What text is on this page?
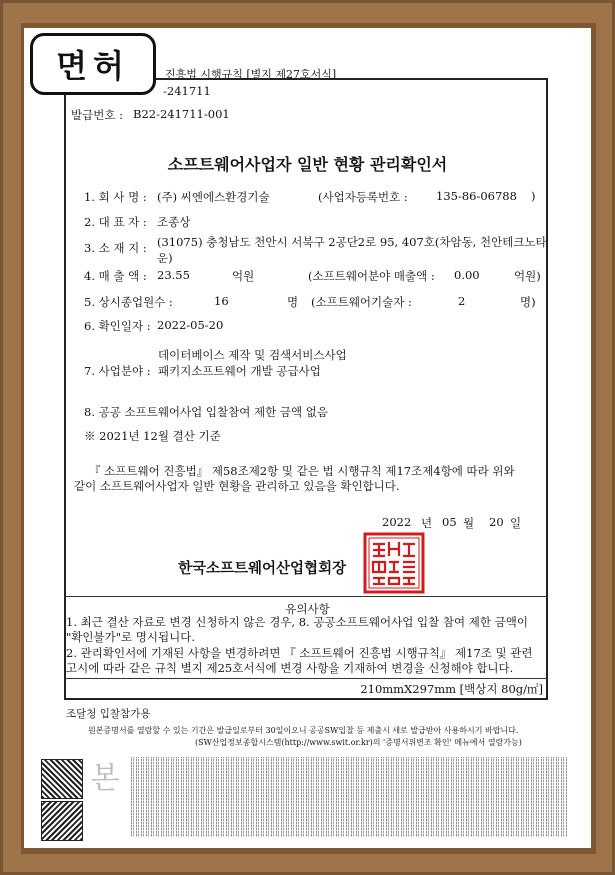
면허	진흥법 시행규칙 [별지 제27호서식]
-241711
발급번호 : B22-241711-001
소프트웨어사업자 일반 현황 관리확인서
1. 회 사 명 : (주) 씨엔에스환경기술	(사업자등록번호 : 135-86-06788 )
2. 대 표 자 : 조종상
3. 소 재 지 : (31075) 충청남도 천안시 서북구 2공단2로 95, 407호(차암동, 천안테크노타
운)
4. 매 출 액 : 23.55	억원	(소프트웨어분야 매출액 : 0.00	억원)
5. 상시종업원수 :	16	명 (소프트웨어기술자 :	2	명)
6. 확인일자 : 2022-05-20
데이터베이스 제작 및 검색서비스사업
7. 사업분야 : 패키지소프트웨어 개발 공급사업
8. 공공 소프트웨어사업 입찰참여 제한 금액 없음
※ 2021년 12월 결산 기준
『 소프트웨어 진흥법』 제58조제2항 및 같은 법 시행규칙 제17조제4항에 따라 위와
같이 소프트웨어사업자 일반 현황을 관리하고 있음을 확인합니다.
2022 년 05 월 20 일
한국소프트웨어산업협회장
유의사항
1. 최근 결산 자료로 변경 신청하지 않은 경우, 8. 공공소프트웨어사업 입찰 참여 제한 금액이
"확인불가"로 명시됩니다.
2. 관리확인서에 기재된 사항을 변경하려면 『 소프트웨어 진흥법 시행규칙』 제17조 및 관련
고시에 따라 같은 규칙 별지 제25호서식에 변경 사항을 기재하여 변경을 신청해야 합니다.
210mmX297mm [백상지 80g/㎡]
조달청 입찰참가용
원본증명서를 열람할 수 있는 기간은 발급일로부터 30일이오니 공공SW입찰 등 제출시 새로 발급받아 사용하시기 바랍니다.
(SW산업정보종합시스템(http://www.swit.or.kr)의 '증명서위변조 확인' 메뉴에서 열람가능)
본
